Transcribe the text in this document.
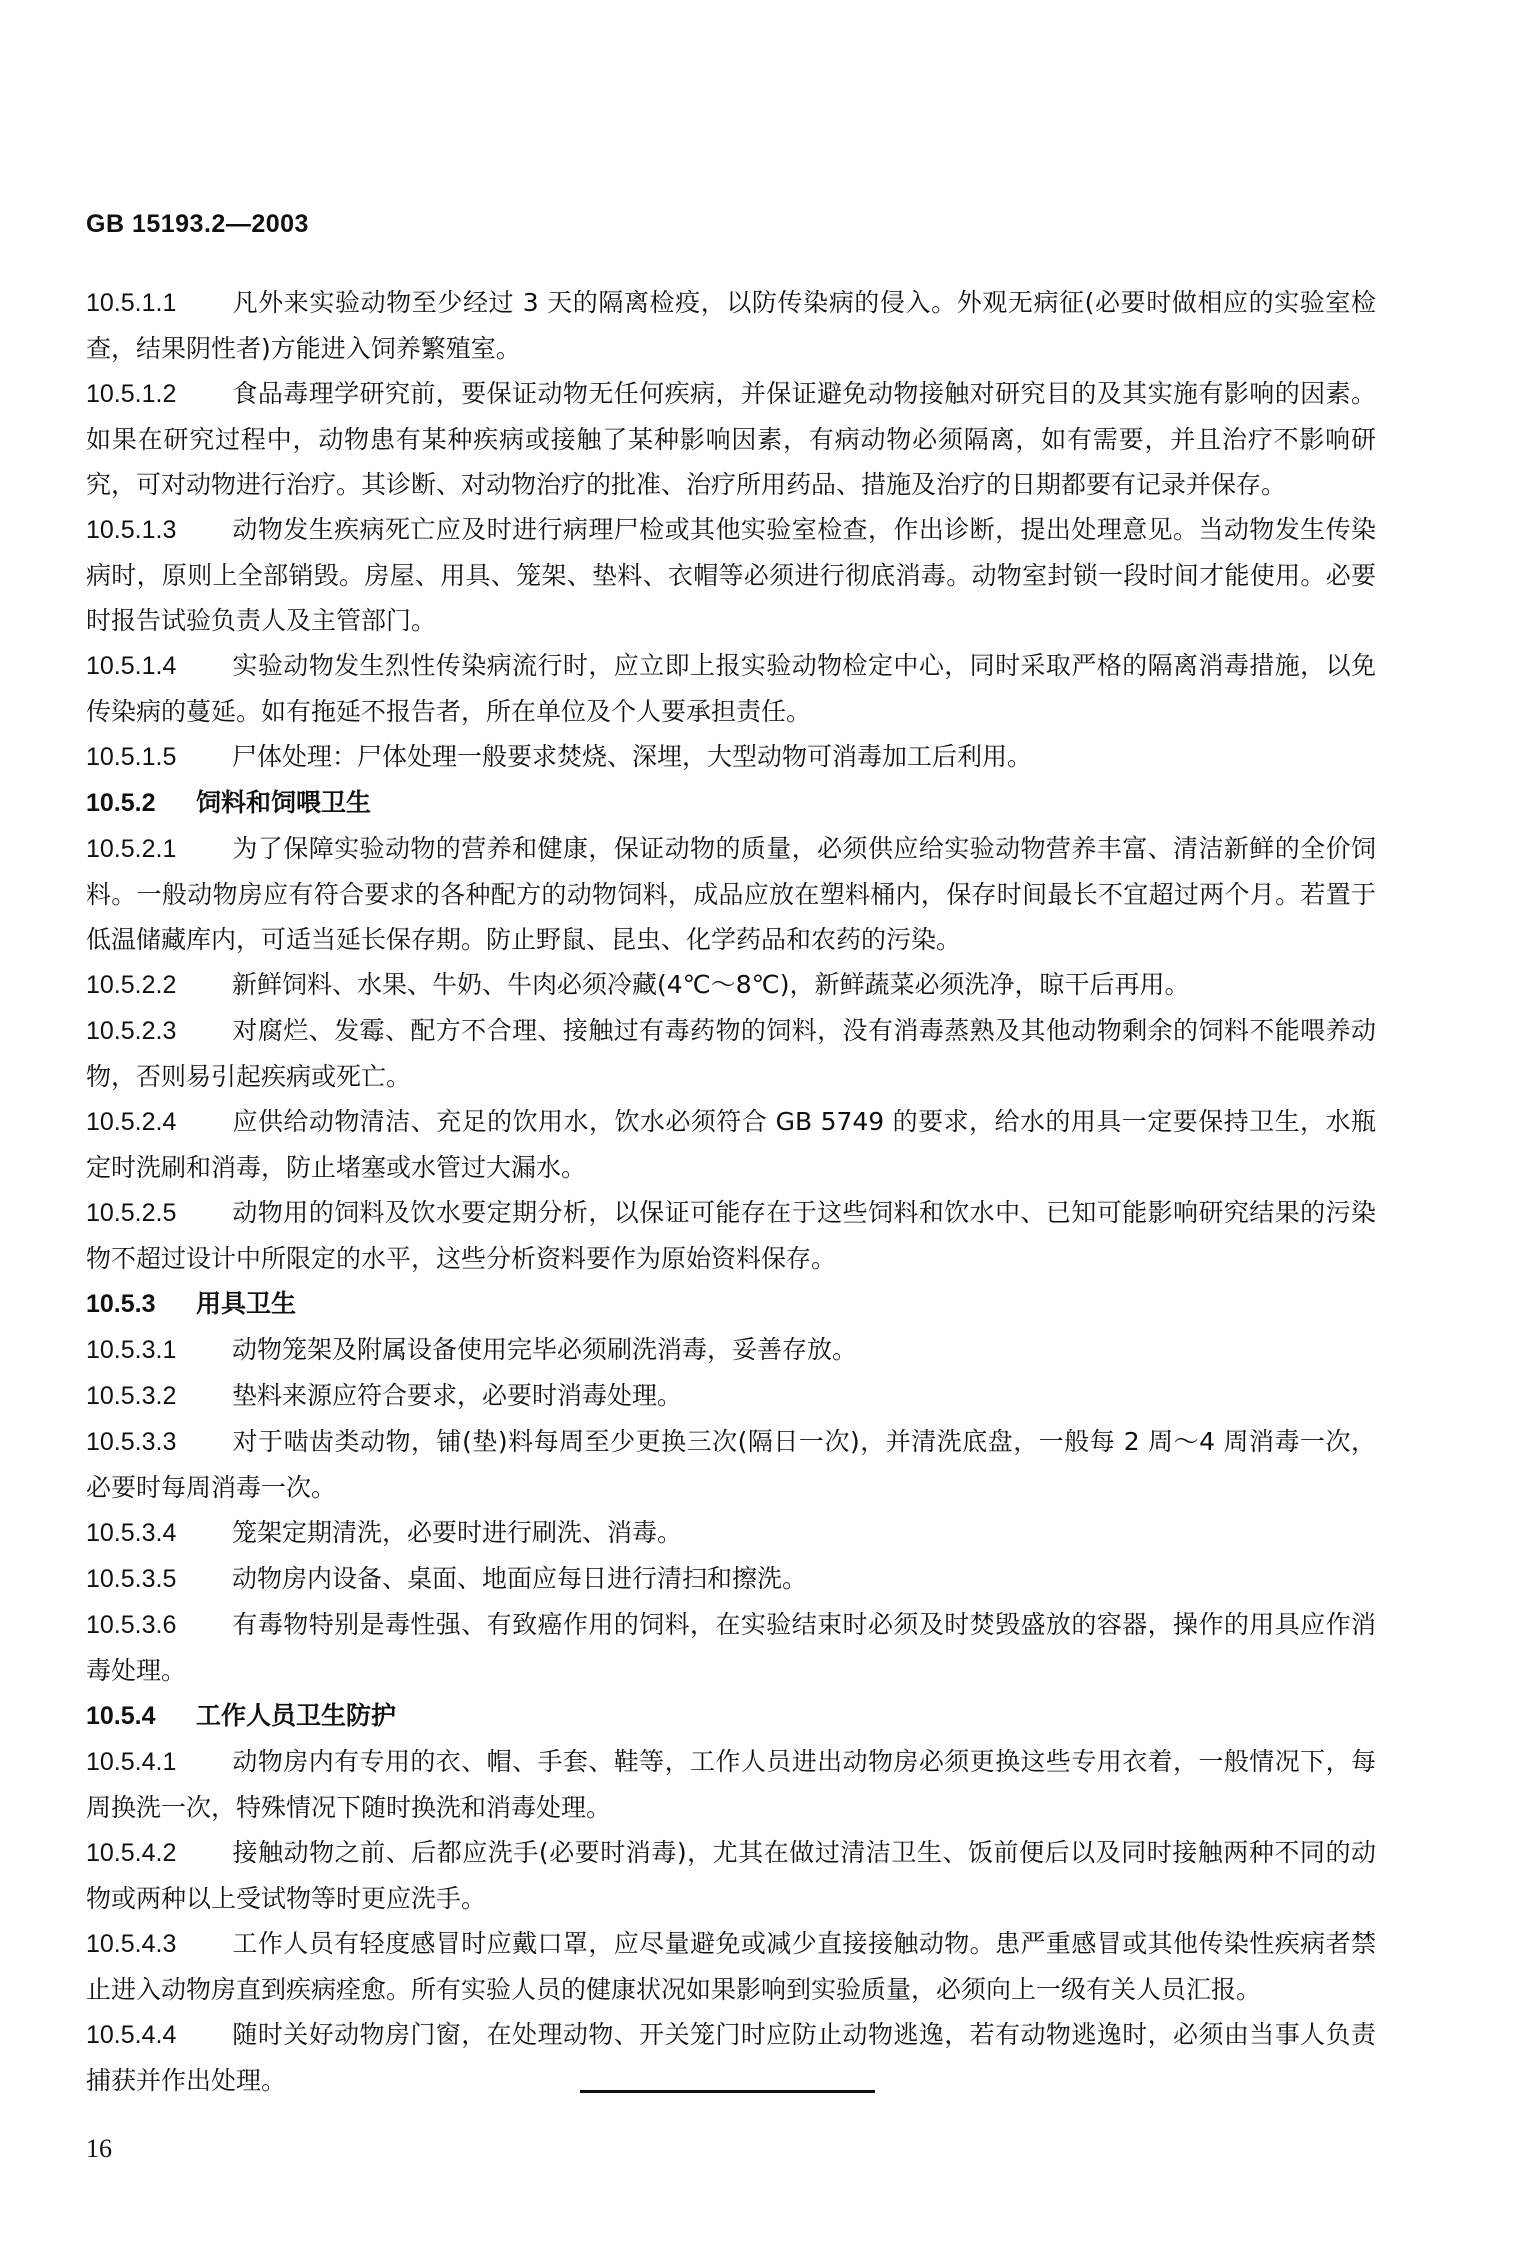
GB 15193.2—2003

10.5.1.1 凡外来实验动物至少经过 3 天的隔离检疫，以防传染病的侵入。外观无病征(必要时做相应的实验室检查，结果阴性者)方能进入饲养繁殖室。

10.5.1.2 食品毒理学研究前，要保证动物无任何疾病，并保证避免动物接触对研究目的及其实施有影响的因素。如果在研究过程中，动物患有某种疾病或接触了某种影响因素，有病动物必须隔离，如有需要，并且治疗不影响研究，可对动物进行治疗。其诊断、对动物治疗的批准、治疗所用药品、措施及治疗的日期都要有记录并保存。

10.5.1.3 动物发生疾病死亡应及时进行病理尸检或其他实验室检查，作出诊断，提出处理意见。当动物发生传染病时，原则上全部销毁。房屋、用具、笼架、垫料、衣帽等必须进行彻底消毒。动物室封锁一段时间才能使用。必要时报告试验负责人及主管部门。

10.5.1.4 实验动物发生烈性传染病流行时，应立即上报实验动物检定中心，同时采取严格的隔离消毒措施，以免传染病的蔓延。如有拖延不报告者，所在单位及个人要承担责任。

10.5.1.5 尸体处理：尸体处理一般要求焚烧、深埋，大型动物可消毒加工后利用。

10.5.2 饲料和饲喂卫生

10.5.2.1 为了保障实验动物的营养和健康，保证动物的质量，必须供应给实验动物营养丰富、清洁新鲜的全价饲料。一般动物房应有符合要求的各种配方的动物饲料，成品应放在塑料桶内，保存时间最长不宜超过两个月。若置于低温储藏库内，可适当延长保存期。防止野鼠、昆虫、化学药品和农药的污染。

10.5.2.2 新鲜饲料、水果、牛奶、牛肉必须冷藏(4℃～8℃)，新鲜蔬菜必须洗净，晾干后再用。

10.5.2.3 对腐烂、发霉、配方不合理、接触过有毒药物的饲料，没有消毒蒸熟及其他动物剩余的饲料不能喂养动物，否则易引起疾病或死亡。

10.5.2.4 应供给动物清洁、充足的饮用水，饮水必须符合 GB 5749 的要求，给水的用具一定要保持卫生，水瓶定时洗刷和消毒，防止堵塞或水管过大漏水。

10.5.2.5 动物用的饲料及饮水要定期分析，以保证可能存在于这些饲料和饮水中、已知可能影响研究结果的污染物不超过设计中所限定的水平，这些分析资料要作为原始资料保存。

10.5.3 用具卫生

10.5.3.1 动物笼架及附属设备使用完毕必须刷洗消毒，妥善存放。

10.5.3.2 垫料来源应符合要求，必要时消毒处理。

10.5.3.3 对于啮齿类动物，铺(垫)料每周至少更换三次(隔日一次)，并清洗底盘，一般每 2 周～4 周消毒一次，必要时每周消毒一次。

10.5.3.4 笼架定期清洗，必要时进行刷洗、消毒。

10.5.3.5 动物房内设备、桌面、地面应每日进行清扫和擦洗。

10.5.3.6 有毒物特别是毒性强、有致癌作用的饲料，在实验结束时必须及时焚毁盛放的容器，操作的用具应作消毒处理。

10.5.4 工作人员卫生防护

10.5.4.1 动物房内有专用的衣、帽、手套、鞋等，工作人员进出动物房必须更换这些专用衣着，一般情况下，每周换洗一次，特殊情况下随时换洗和消毒处理。

10.5.4.2 接触动物之前、后都应洗手(必要时消毒)，尤其在做过清洁卫生、饭前便后以及同时接触两种不同的动物或两种以上受试物等时更应洗手。

10.5.4.3 工作人员有轻度感冒时应戴口罩，应尽量避免或减少直接接触动物。患严重感冒或其他传染性疾病者禁止进入动物房直到疾病痊愈。所有实验人员的健康状况如果影响到实验质量，必须向上一级有关人员汇报。

10.5.4.4 随时关好动物房门窗，在处理动物、开关笼门时应防止动物逃逸，若有动物逃逸时，必须由当事人负责捕获并作出处理。

16
